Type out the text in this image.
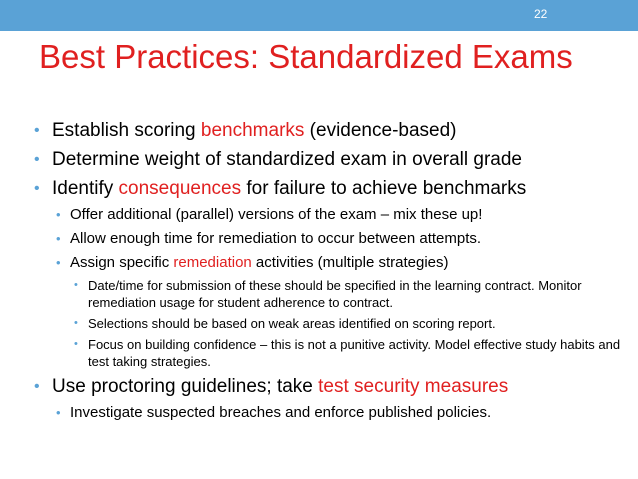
22
Best Practices: Standardized Exams

• Establish scoring benchmarks (evidence-based)

• Determine weight of standardized exam in overall grade

• Identify consequences for failure to achieve benchmarks

• Offer additional (parallel) versions of the exam – mix these up!

• Allow enough time for remediation to occur between attempts.

• Assign specific remediation activities (multiple strategies)

• Date/time for submission of these should be specified in the learning contract. Monitor remediation usage for student adherence to contract.

• Selections should be based on weak areas identified on scoring report.

• Focus on building confidence – this is not a punitive activity. Model effective study habits and test taking strategies.

• Use proctoring guidelines; take test security measures

• Investigate suspected breaches and enforce published policies.
